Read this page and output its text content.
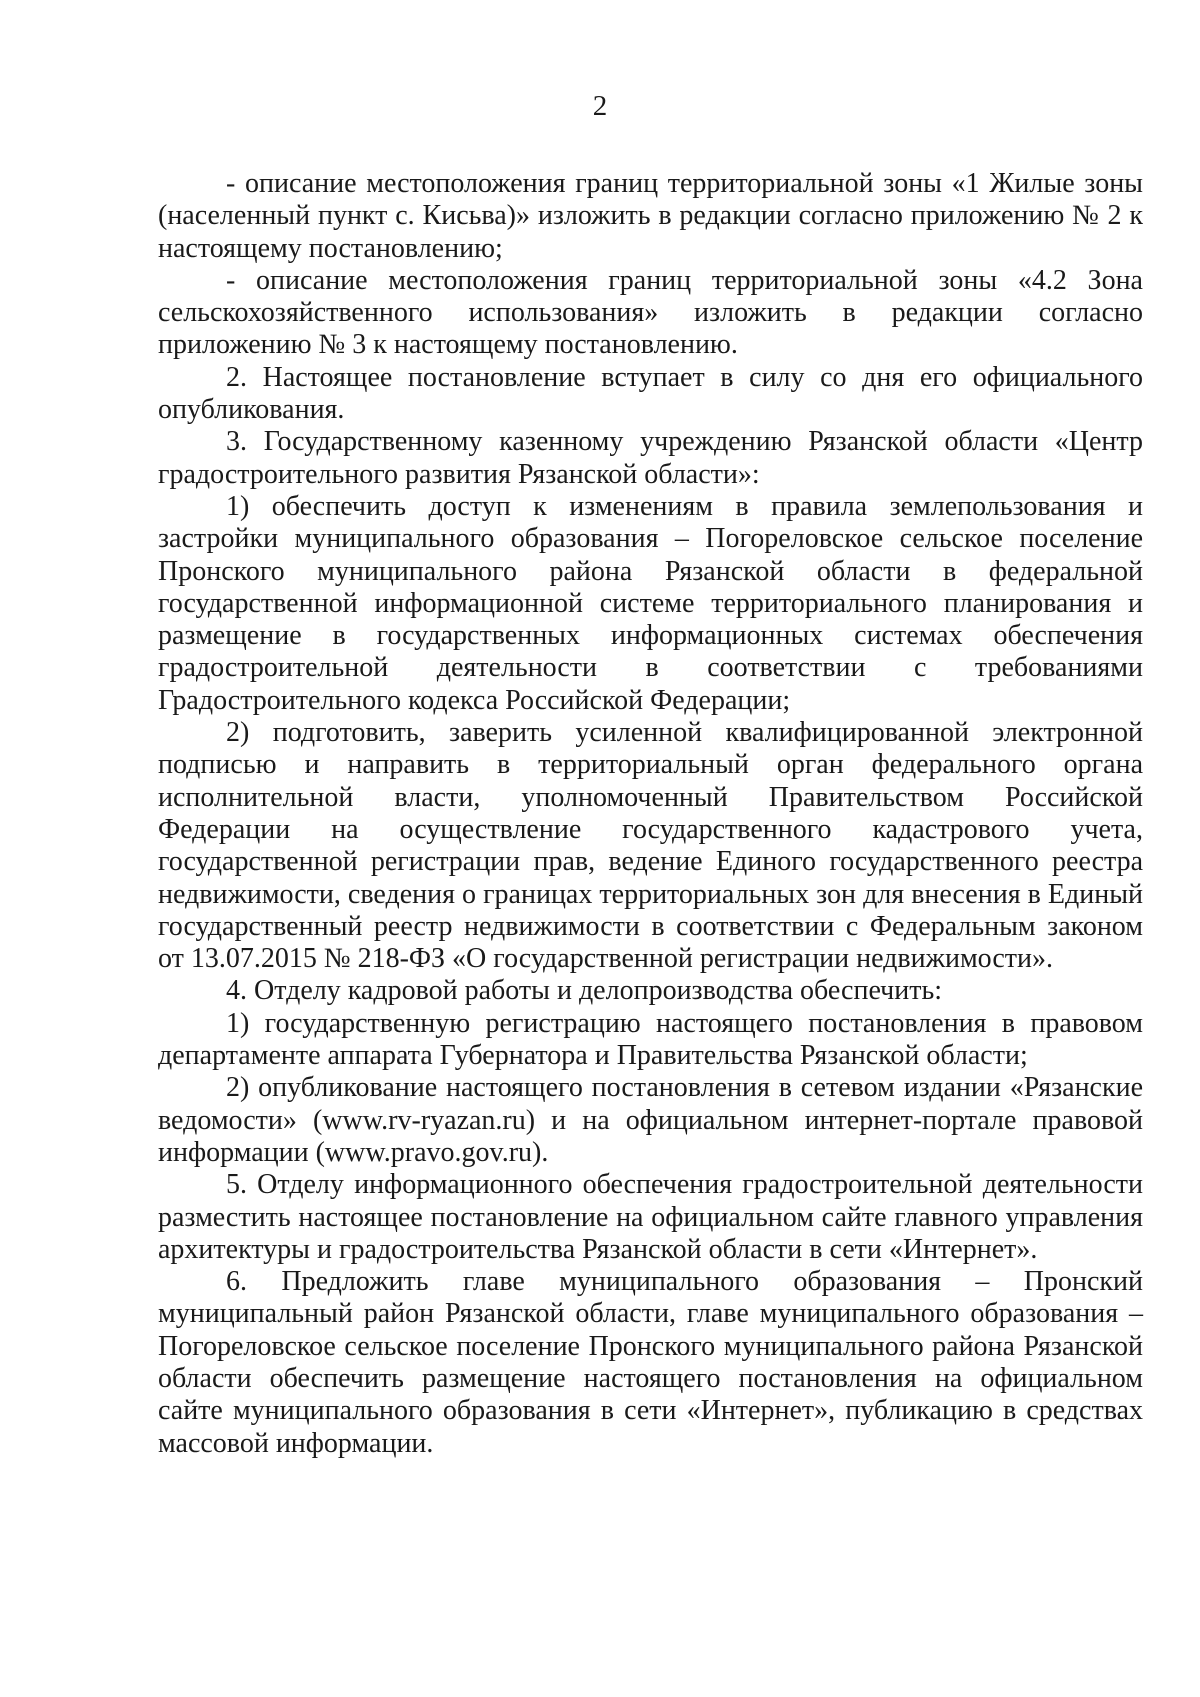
2

- описание местоположения границ территориальной зоны «1 Жилые зоны (населенный пункт с. Кисьва)» изложить в редакции согласно приложению № 2 к настоящему постановлению;

- описание местоположения границ территориальной зоны «4.2 Зона сельскохозяйственного использования» изложить в редакции согласно приложению № 3 к настоящему постановлению.

2. Настоящее постановление вступает в силу со дня его официального опубликования.

3. Государственному казенному учреждению Рязанской области «Центр градостроительного развития Рязанской области»:

1) обеспечить доступ к изменениям в правила землепользования и застройки муниципального образования – Погореловское сельское поселение Пронского муниципального района Рязанской области в федеральной государственной информационной системе территориального планирования и размещение в государственных информационных системах обеспечения градостроительной деятельности в соответствии с требованиями Градостроительного кодекса Российской Федерации;

2) подготовить, заверить усиленной квалифицированной электронной подписью и направить в территориальный орган федерального органа исполнительной власти, уполномоченный Правительством Российской Федерации на осуществление государственного кадастрового учета, государственной регистрации прав, ведение Единого государственного реестра недвижимости, сведения о границах территориальных зон для внесения в Единый государственный реестр недвижимости в соответствии с Федеральным законом от 13.07.2015 № 218-ФЗ «О государственной регистрации недвижимости».

4. Отделу кадровой работы и делопроизводства обеспечить:

1) государственную регистрацию настоящего постановления в правовом департаменте аппарата Губернатора и Правительства Рязанской области;

2) опубликование настоящего постановления в сетевом издании «Рязанские ведомости» (www.rv-ryazan.ru) и на официальном интернет-портале правовой информации (www.pravo.gov.ru).

5. Отделу информационного обеспечения градостроительной деятельности разместить настоящее постановление на официальном сайте главного управления архитектуры и градостроительства Рязанской области в сети «Интернет».

6. Предложить главе муниципального образования – Пронский муниципальный район Рязанской области, главе муниципального образования – Погореловское сельское поселение Пронского муниципального района Рязанской области обеспечить размещение настоящего постановления на официальном сайте муниципального образования в сети «Интернет», публикацию в средствах массовой информации.
